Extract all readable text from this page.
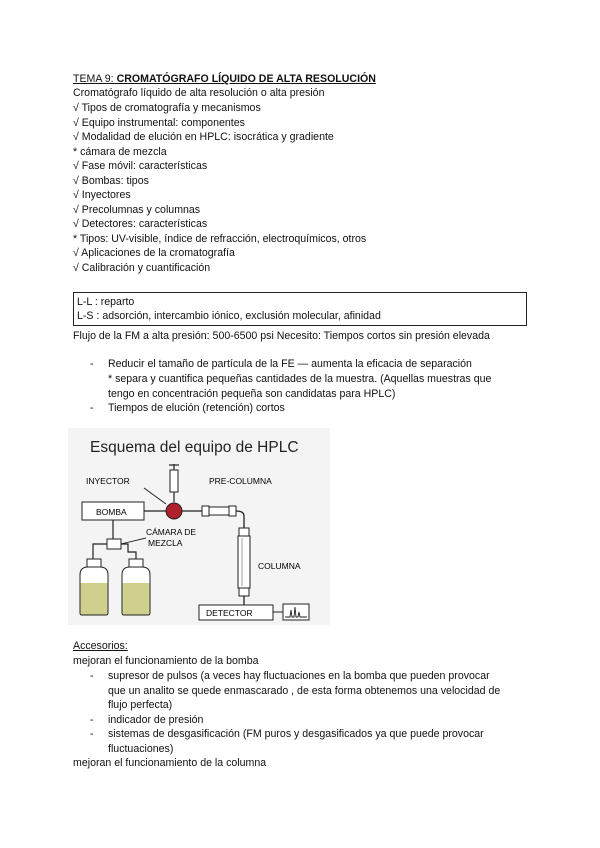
TEMA 9: CROMATÓGRAFO LÍQUIDO DE ALTA RESOLUCIÓN
Cromatógrafo líquido de alta resolución o alta presión
√ Tipos de cromatografía y mecanismos
√ Equipo instrumental: componentes
√ Modalidad de elución en HPLC: isocrática y gradiente
* cámara de mezcla
√ Fase móvil: características
√ Bombas: tipos
√ Inyectores
√ Precolumnas y columnas
√ Detectores: características
* Tipos: UV-visible, índice de refracción, electroquímicos, otros
√ Aplicaciones de la cromatografía
√ Calibración y cuantificación
L-L : reparto
L-S : adsorción, intercambio iónico, exclusión molecular, afinidad
Flujo de la FM a alta presión: 500-6500 psi Necesito: Tiempos cortos sin presión elevada
- Reducir el tamaño de partícula de la FE — aumenta la eficacia de separación
* separa y cuantifica pequeñas cantidades de la muestra. (Aquellas muestras que
tengo en concentración pequeña son candidatas para HPLC)
- Tiempos de elución (retención) cortos
Esquema del equipo de HPLC
BOMBA
INYECTOR	PRE-COLUMNA
COLUMNA
DETECTOR
CÁMARA DE
MEZCLA
Accesorios:
mejoran el funcionamiento de la bomba
- supresor de pulsos (a veces hay fluctuaciones en la bomba que pueden provocar
que un analito se quede enmascarado , de esta forma obtenemos una velocidad de
flujo perfecta)
- indicador de presión
- sistemas de desgasificación (FM puros y desgasificados ya que puede provocar
fluctuaciones)
mejoran el funcionamiento de la columna
